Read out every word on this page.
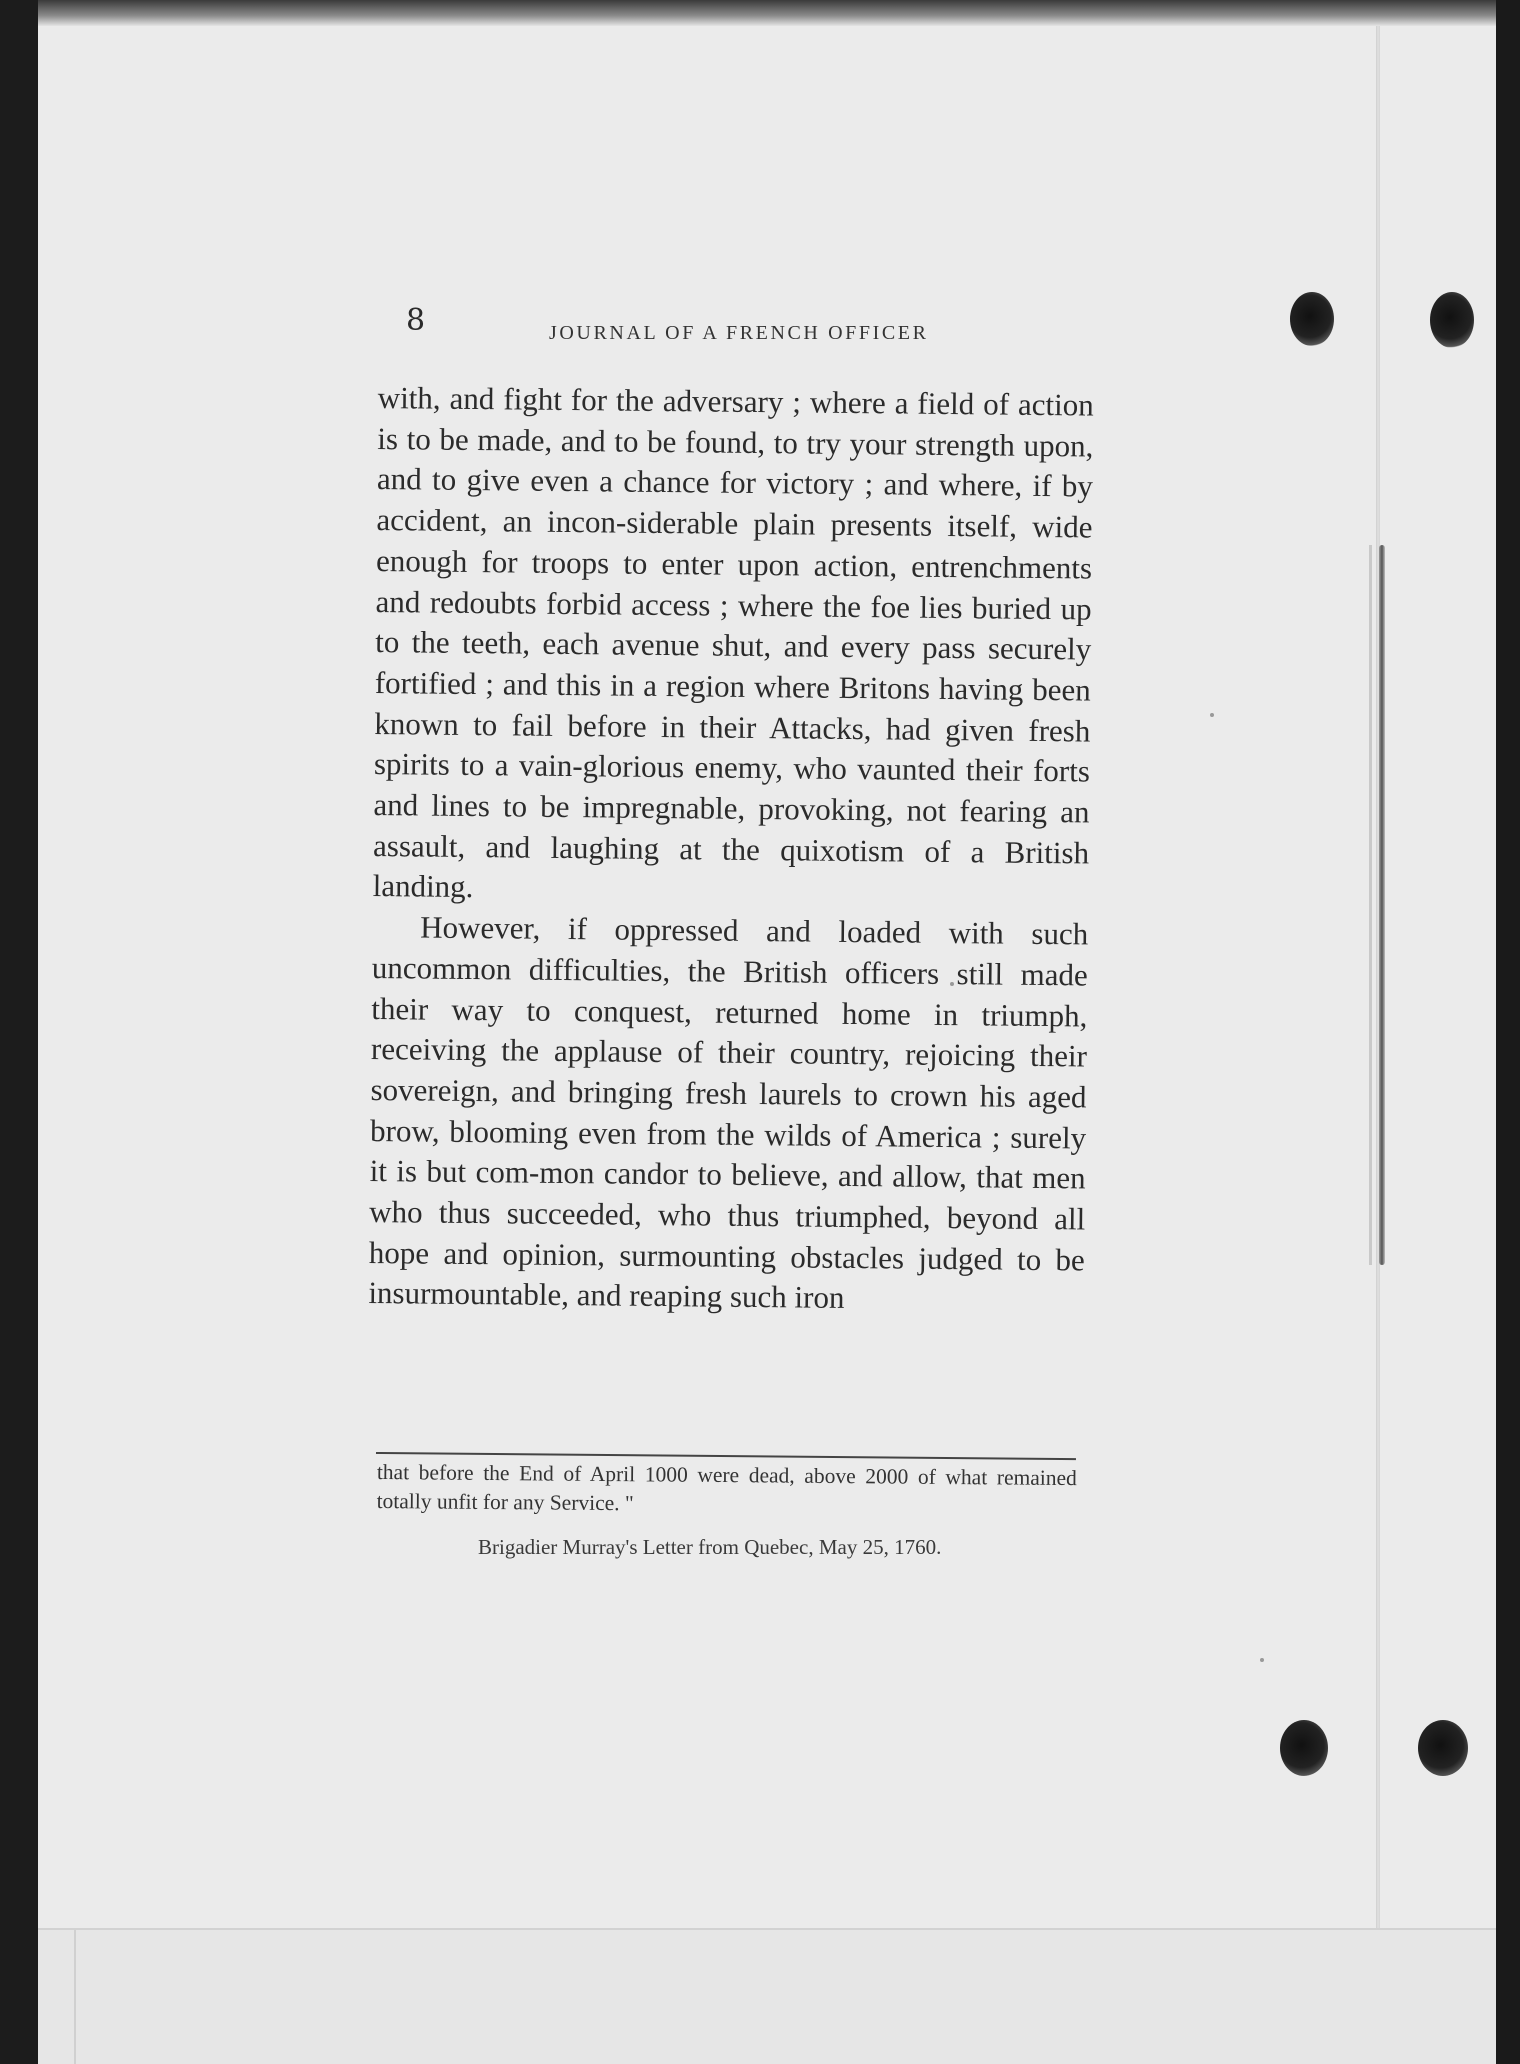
8	JOURNAL OF A FRENCH OFFICER

with, and fight for the adversary ; where a field of action is to be made, and to be found, to try your strength upon, and to give even a chance for victory ; and where, if by accident, an incon-siderable plain presents itself, wide enough for troops to enter upon action, entrenchments and redoubts forbid access ; where the foe lies buried up to the teeth, each avenue shut, and every pass securely fortified ; and this in a region where Britons having been known to fail before in their Attacks, had given fresh spirits to a vain-glorious enemy, who vaunted their forts and lines to be impregnable, provoking, not fearing an assault, and laughing at the quixotism of a British landing.

However, if oppressed and loaded with such uncommon difficulties, the British officers still made their way to conquest, returned home in triumph, receiving the applause of their country, rejoicing their sovereign, and bringing fresh laurels to crown his aged brow, blooming even from the wilds of America ; surely it is but com-mon candor to believe, and allow, that men who thus succeeded, who thus triumphed, beyond all hope and opinion, surmounting obstacles judged to be insurmountable, and reaping such iron

that before the End of April 1000 were dead, above 2000 of what remained totally unfit for any Service. "

Brigadier Murray's Letter from Quebec, May 25, 1760.
